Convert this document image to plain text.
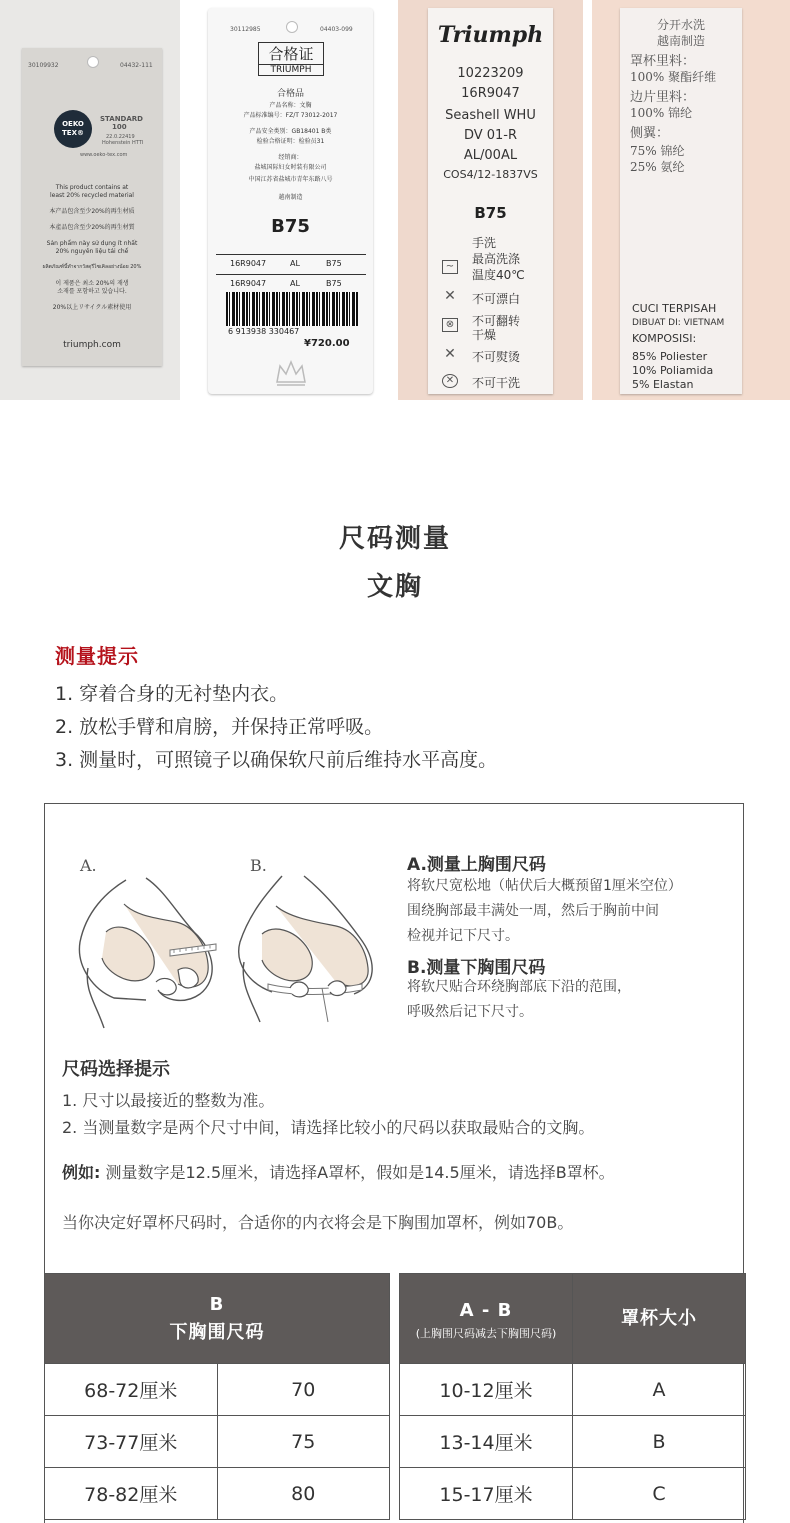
30109932	04432-111
OEKO
TEX®
STANDARD
100
22.0.22419
Hohenstein HTTI
www.oeko-tex.com
This product contains at
least 20% recycled material
本产品包含至少20%的再生材质
本產品包含至少20%的再生材質
Sản phẩm này sử dụng ít nhất
20% nguyên liệu tái chế
ผลิตภัณฑ์นี้ทำจากวัสดุรีไซเคิลอย่างน้อย 20%
이 제품은 최소 20%의 재생
소재를 포함하고 있습니다.
20%以上リサイクル素材使用
triumph.com
30112985	04403-099
合格证
TRIUMPH
合格品
产品名称：文胸
产品标准编号：FZ/T 73012-2017
产品安全类别：GB18401 B类
检验合格证明：检验员31
经销商：
盐城国际妇女时装有限公司
中国江苏省盐城市青年东路八号
越南制造
B75
16R9047	AL	B75
16R9047	AL	B75
6 913938 330467
¥720.00
Triumph
10223209
16R9047
Seashell WHU
DV 01-R
AL/00AL
COS4/12-1837VS
B75
~
手洗
最高洗涤
温度40℃
✕ 不可漂白
⊗	不可翻转
干燥
✕ 不可熨烫
✕	不可干洗
分开水洗
越南制造
罩杯里料：
100% 聚酯纤维
边片里料：
100% 锦纶
侧翼：
75% 锦纶
25% 氨纶
CUCI TERPISAH
DIBUAT DI: VIETNAM
KOMPOSISI:
85% Poliester
10% Poliamida
5% Elastan
尺码测量
文胸
测量提示
1. 穿着合身的无衬垫内衣。
2. 放松手臂和肩膀，并保持正常呼吸。
3. 测量时，可照镜子以确保软尺前后维持水平高度。
A.	B.	A.测量上胸围尺码
将软尺宽松地（帖伏后大概预留1厘米空位）
围绕胸部最丰满处一周，然后于胸前中间
检视并记下尺寸。
B.测量下胸围尺码
将软尺贴合环绕胸部底下沿的范围，
呼吸然后记下尺寸。
尺码选择提示
1. 尺寸以最接近的整数为准。
2. 当测量数字是两个尺寸中间，请选择比较小的尺码以获取最贴合的文胸。
例如: 测量数字是12.5厘米，请选择A罩杯，假如是14.5厘米，请选择B罩杯。
当你决定好罩杯尺码时，合适你的内衣将会是下胸围加罩杯，例如70B。
B
下胸围尺码	

68-72厘米	70
73-77厘米	75
78-82厘米	80
A - B
(上胸围尺码减去下胸围尺码)	罩杯大小
10-12厘米	A
13-14厘米	B
15-17厘米	C
